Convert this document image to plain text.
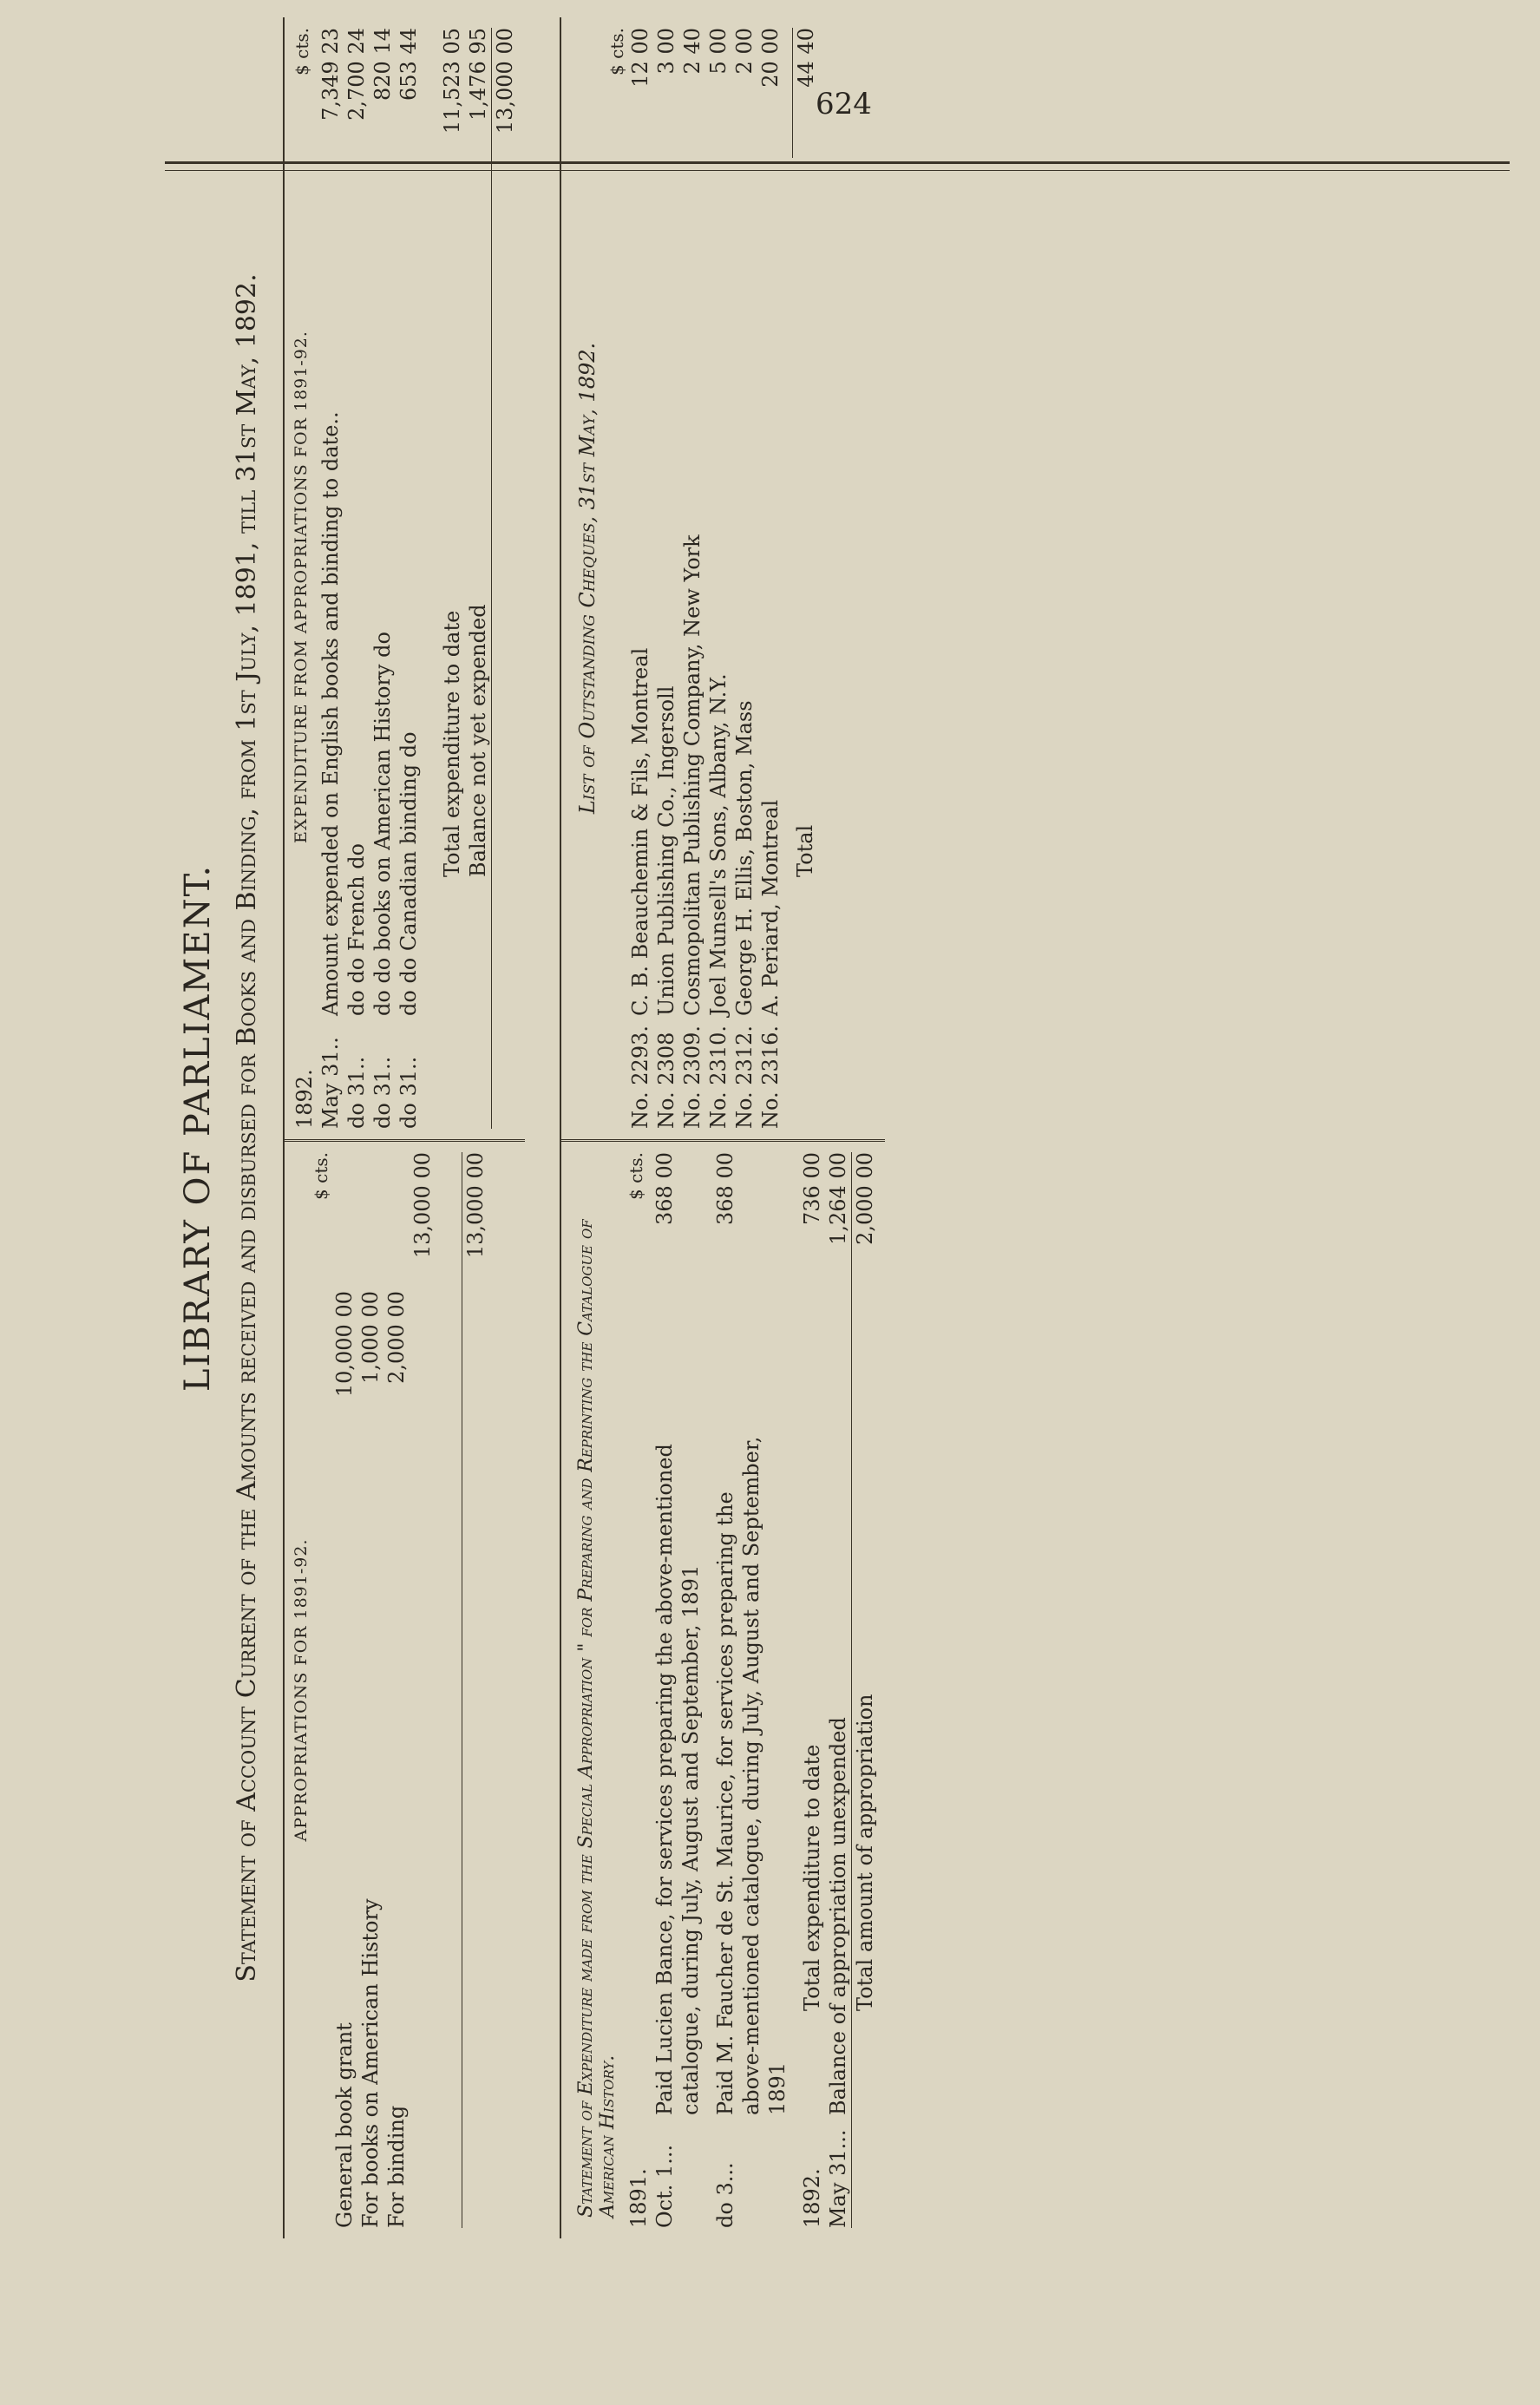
624
LIBRARY OF PARLIAMENT. Statement of Account Current of the Amounts received and disbursed for Books and Binding, from 1st July, 1891, till 31st May, 1892. APPROPRIATIONS FOR 1891-92.
$ cts.
General book grant
10,000 00
For books on American History
1,000 00
For binding
2,000 00
13,000 00 13,000 00
1892.
EXPENDITURE FROM APPROPRIATIONS FOR 1891-92.
$ cts.
May 31..
Amount expended on English books and binding to date..
7,349 23
do 31..
do do French do
2,700 24
do 31..
do do books on American History do
820 14
do 31..
do do Canadian binding do
653 44
Total expenditure to date
11,523 05
Balance not yet expended
1,476 95 13,000 00
Statement of Expenditure made from the Special Appropriation " for Preparing and Reprinting the Catalogue of American History. 1891.
$ cts.
Oct. 1...
Paid Lucien Bance, for services preparing the above-mentioned catalogue, during July, August and September, 1891
368 00
do 3...
Paid M. Faucher de St. Maurice, for services preparing the above-mentioned catalogue, during July, August and September, 1891
368 00
1892.
Total expenditure to date
736 00
May 31...
Balance of appropriation unexpended
1,264 00
Total amount of appropriation
2,000 00
List of Outstanding Cheques, 31st May, 1892.
$ cts.
No. 2293.
C. B. Beauchemin & Fils, Montreal
12 00
No. 2308
Union Publishing Co., Ingersoll
3 00
No. 2309.
Cosmopolitan Publishing Company, New York
2 40
No. 2310.
Joel Munsell's Sons, Albany, N.Y.
5 00
No. 2312.
George H. Ellis, Boston, Mass
2 00
No. 2316.
A. Periard, Montreal
20 00
Total
44 40
